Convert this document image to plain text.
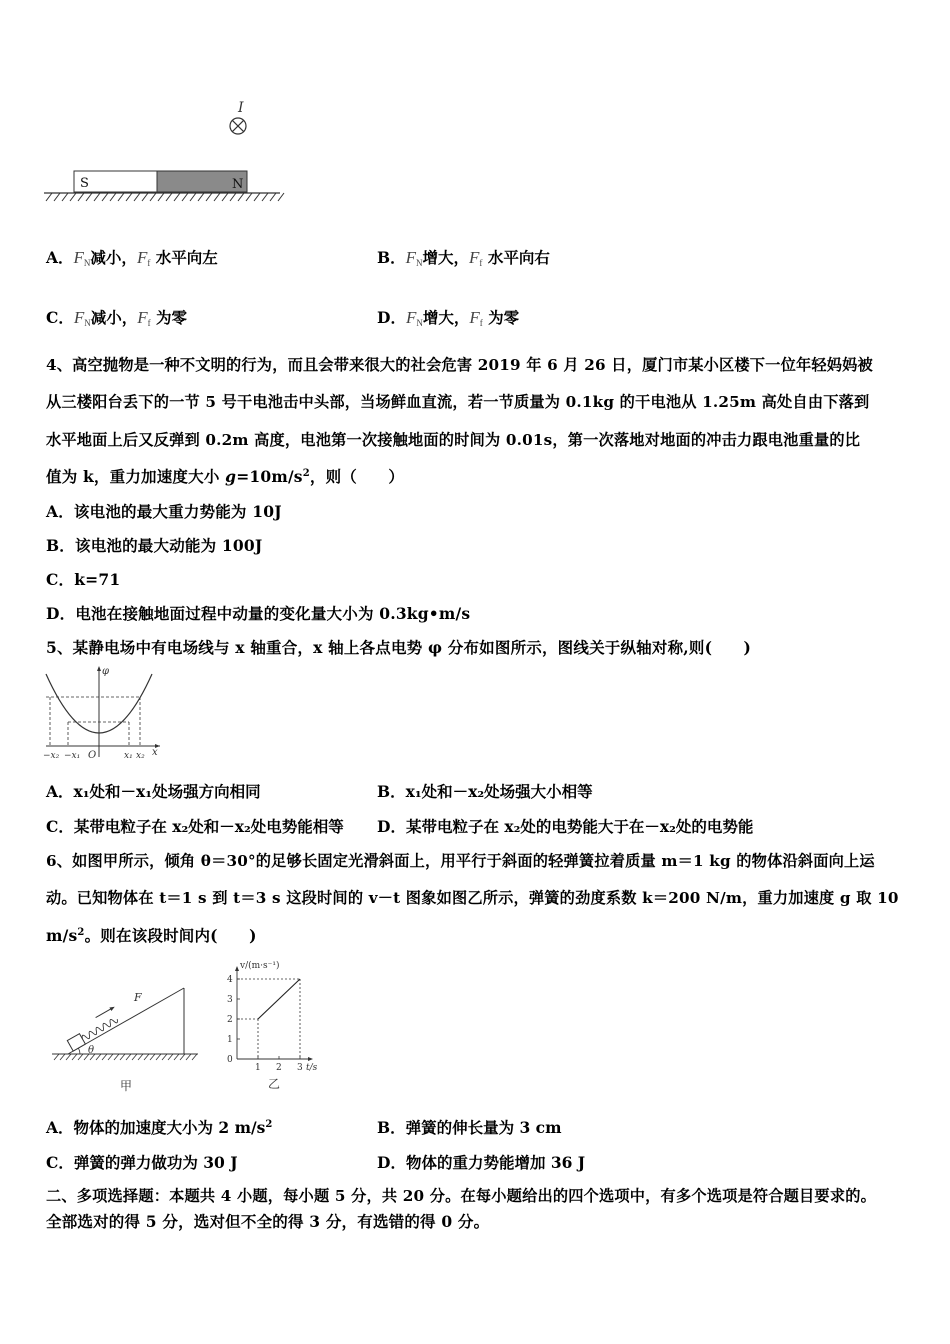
I
S	N
A．$F_N$减小，$F_f$ 水平向左	B．$F_N$增大，$F_f$ 水平向右
C．$F_N$减小，$F_f$ 为零	D．$F_N$增大，$F_f$ 为零
4、高空抛物是一种不文明的行为，而且会带来很大的社会危害 2019 年 6 月 26 日，厦门市某小区楼下一位年轻妈妈被
从三楼阳台丢下的一节 5 号干电池击中头部，当场鲜血直流，若一节质量为 0.1kg 的干电池从 1.25m 高处自由下落到
水平地面上后又反弹到 0.2m 高度，电池第一次接触地面的时间为 0.01s，第一次落地对地面的冲击力跟电池重量的比
值为 k，重力加速度大小 $g=10m/s^2$，则（　　）
A．该电池的最大重力势能为 10J
B．该电池的最大动能为 100J
C．k=71
D．电池在接触地面过程中动量的变化量大小为 0.3kg•m/s
5、某静电场中有电场线与 x 轴重合，x 轴上各点电势 φ 分布如图所示，图线关于纵轴对称,则(　　)
φ
x
O
−x₂ −x₁	x₁ x₂
A．x₁处和－x₁处场强方向相同	B．x₁处和－x₂处场强大小相等
C．某带电粒子在 x₂处和－x₂处电势能相等 D．某带电粒子在 x₂处的电势能大于在－x₂处的电势能
6、如图甲所示，倾角 θ＝30°的足够长固定光滑斜面上，用平行于斜面的轻弹簧拉着质量 m＝1 kg 的物体沿斜面向上运
动。已知物体在 t＝1 s 到 t＝3 s 这段时间的 v－t 图象如图乙所示，弹簧的劲度系数 k＝200 N/m，重力加速度 g 取 10
$m/s^2$。则在该段时间内(　　)
F
θ
甲
v/(m·s⁻¹)
t/s
4
3
2
1
0
1 2 3
乙
A．物体的加速度大小为 2 $m/s^2$	B．弹簧的伸长量为 3 cm
C．弹簧的弹力做功为 30 J	D．物体的重力势能增加 36 J
二、多项选择题：本题共 4 小题，每小题 5 分，共 20 分。在每小题给出的四个选项中，有多个选项是符合题目要求的。
全部选对的得 5 分，选对但不全的得 3 分，有选错的得 0 分。
